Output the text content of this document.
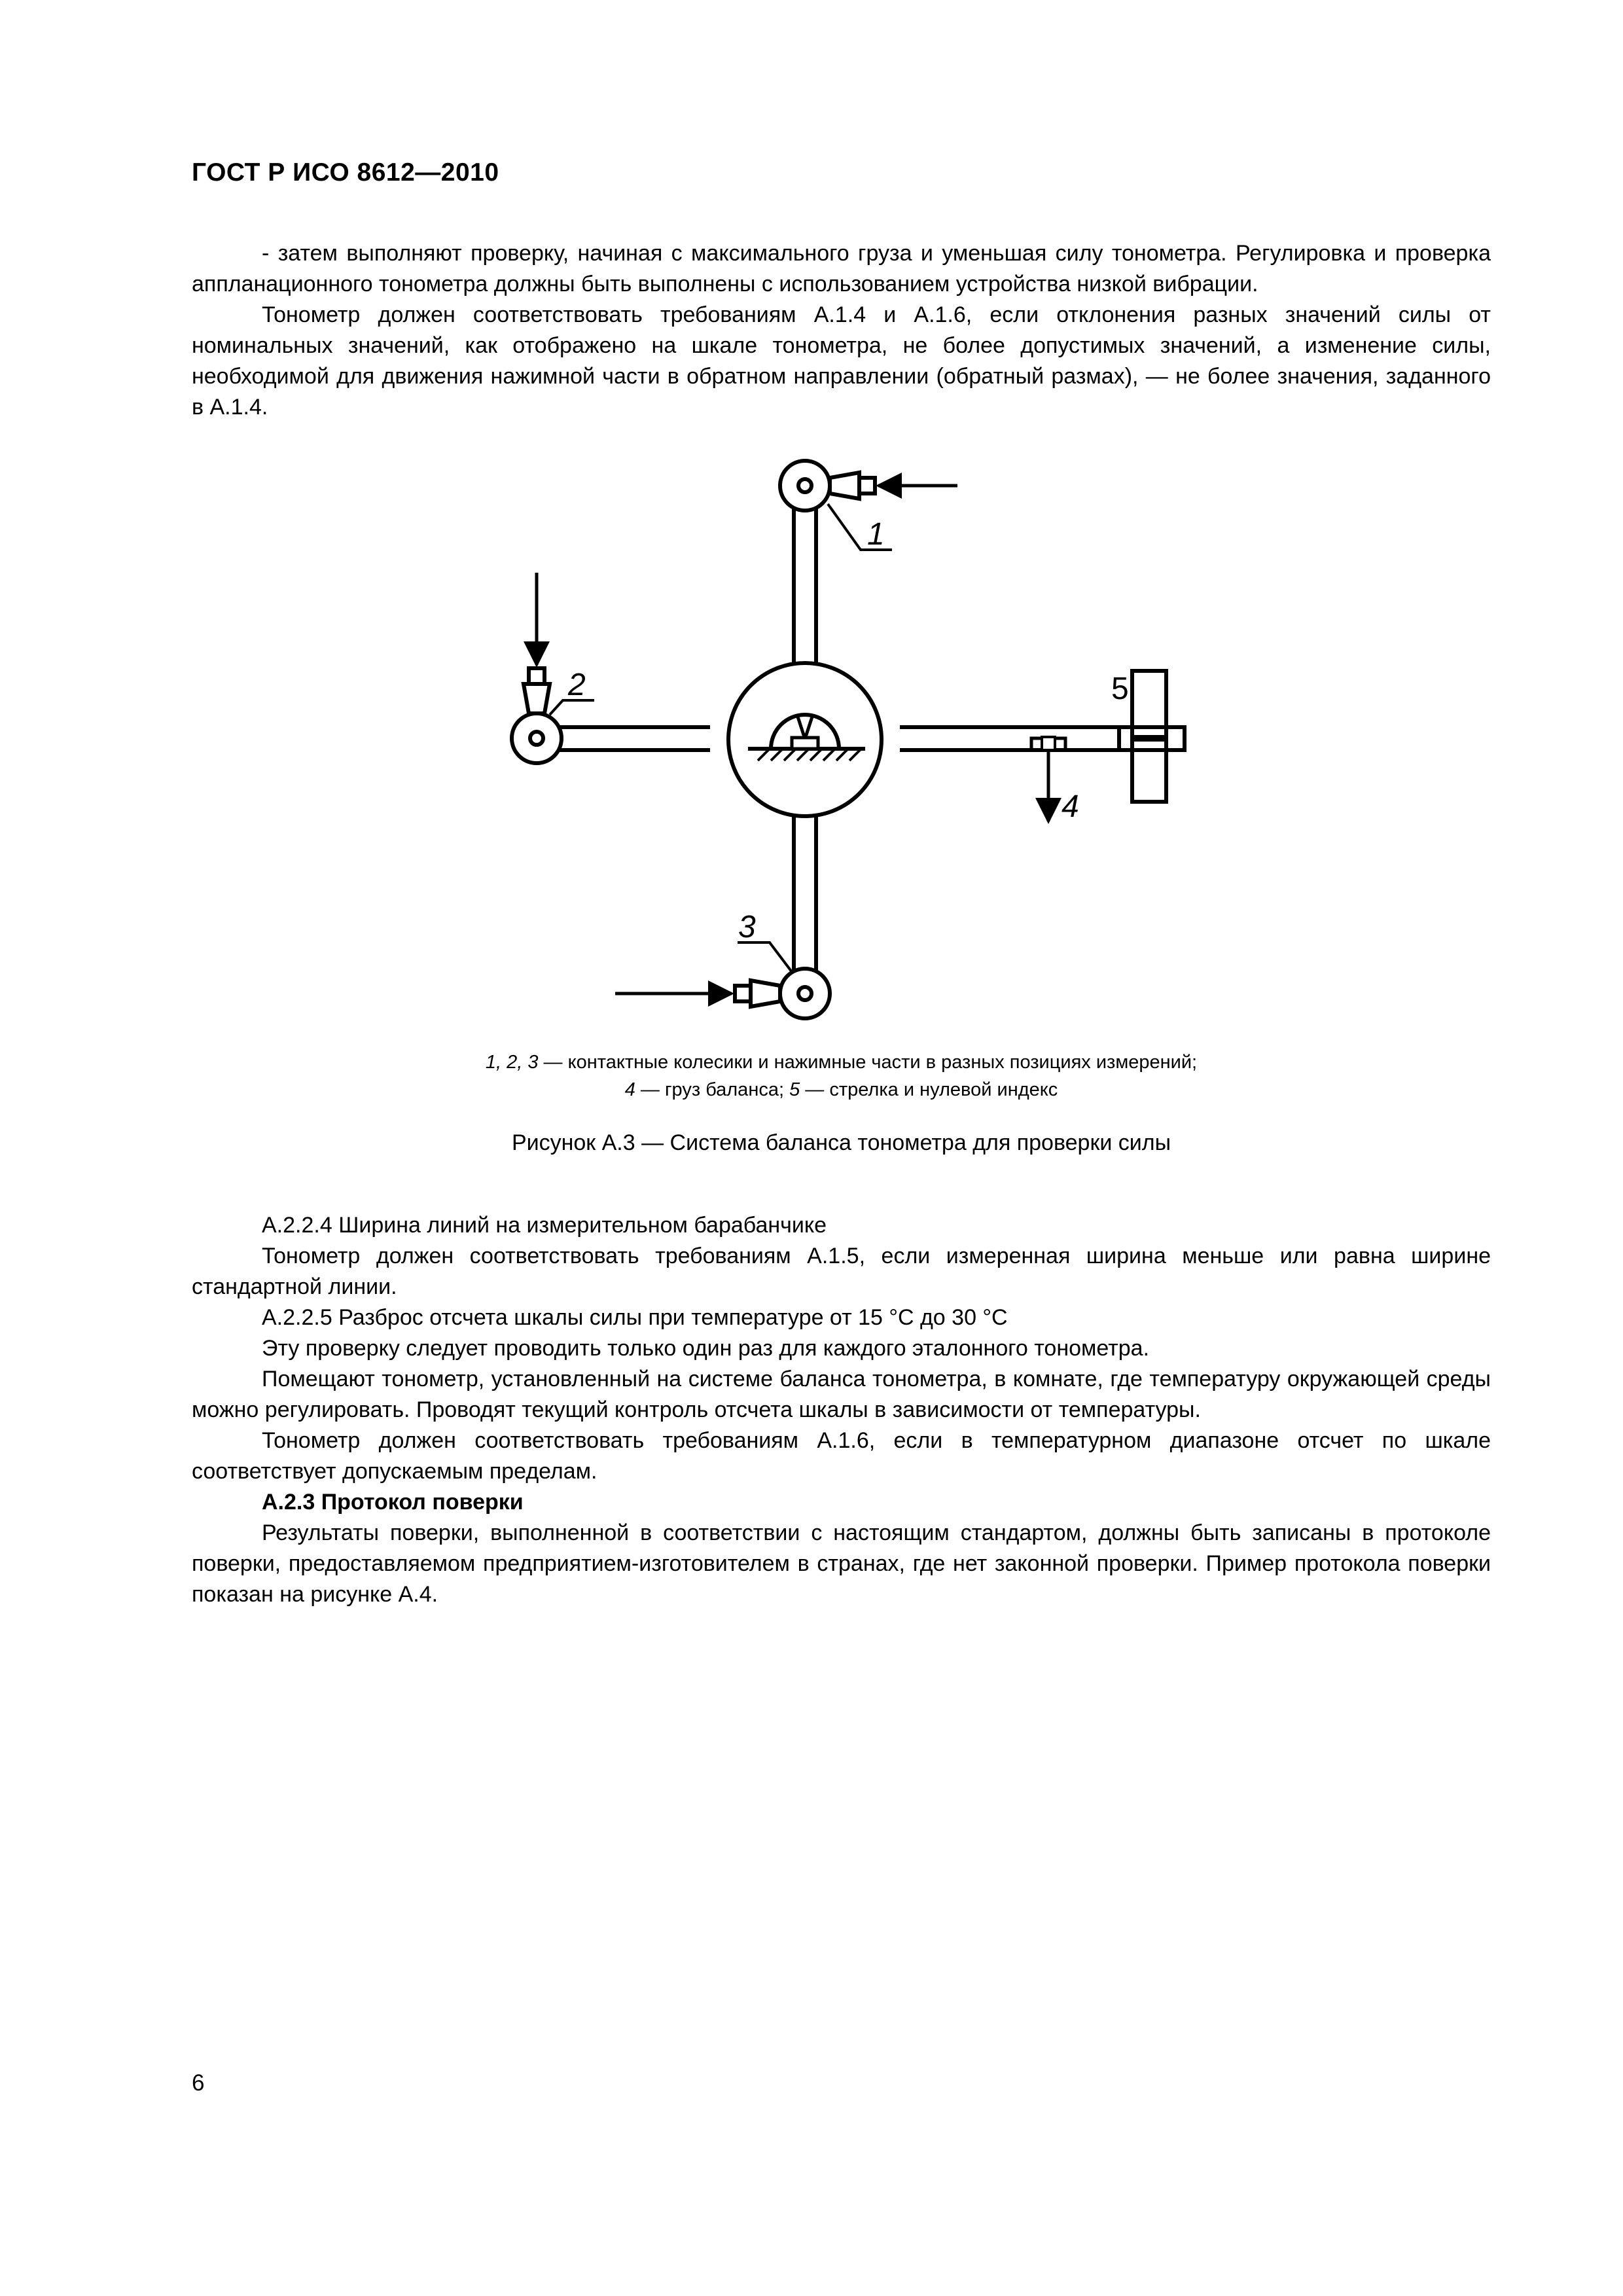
ГОСТ Р ИСО 8612—2010

- затем выполняют проверку, начиная с максимального груза и уменьшая силу тонометра. Регулировка и проверка аппланационного тонометра должны быть выполнены с использованием устройства низкой вибрации.

Тонометр должен соответствовать требованиям А.1.4 и А.1.6, если отклонения разных значений силы от номинальных значений, как отображено на шкале тонометра, не более допустимых значений, а изменение силы, необходимой для движения нажимной части в обратном направлении (обратный размах), — не более значения, заданного в А.1.4.

1
2
3
4
5
1, 2, 3 — контактные колесики и нажимные части в разных позициях измерений;
4 — груз баланса; 5 — стрелка и нулевой индекс
Рисунок А.3 — Система баланса тонометра для проверки силы

А.2.2.4 Ширина линий на измерительном барабанчике

Тонометр должен соответствовать требованиям А.1.5, если измеренная ширина меньше или равна ширине стандартной линии.

А.2.2.5 Разброс отсчета шкалы силы при температуре от 15 °С до 30 °С

Эту проверку следует проводить только один раз для каждого эталонного тонометра.

Помещают тонометр, установленный на системе баланса тонометра, в комнате, где температуру окружающей среды можно регулировать. Проводят текущий контроль отсчета шкалы в зависимости от температуры.

Тонометр должен соответствовать требованиям А.1.6, если в температурном диапазоне отсчет по шкале соответствует допускаемым пределам.

А.2.3 Протокол поверки

Результаты поверки, выполненной в соответствии с настоящим стандартом, должны быть записаны в протоколе поверки, предоставляемом предприятием-изготовителем в странах, где нет законной проверки. Пример протокола поверки показан на рисунке А.4.

6
